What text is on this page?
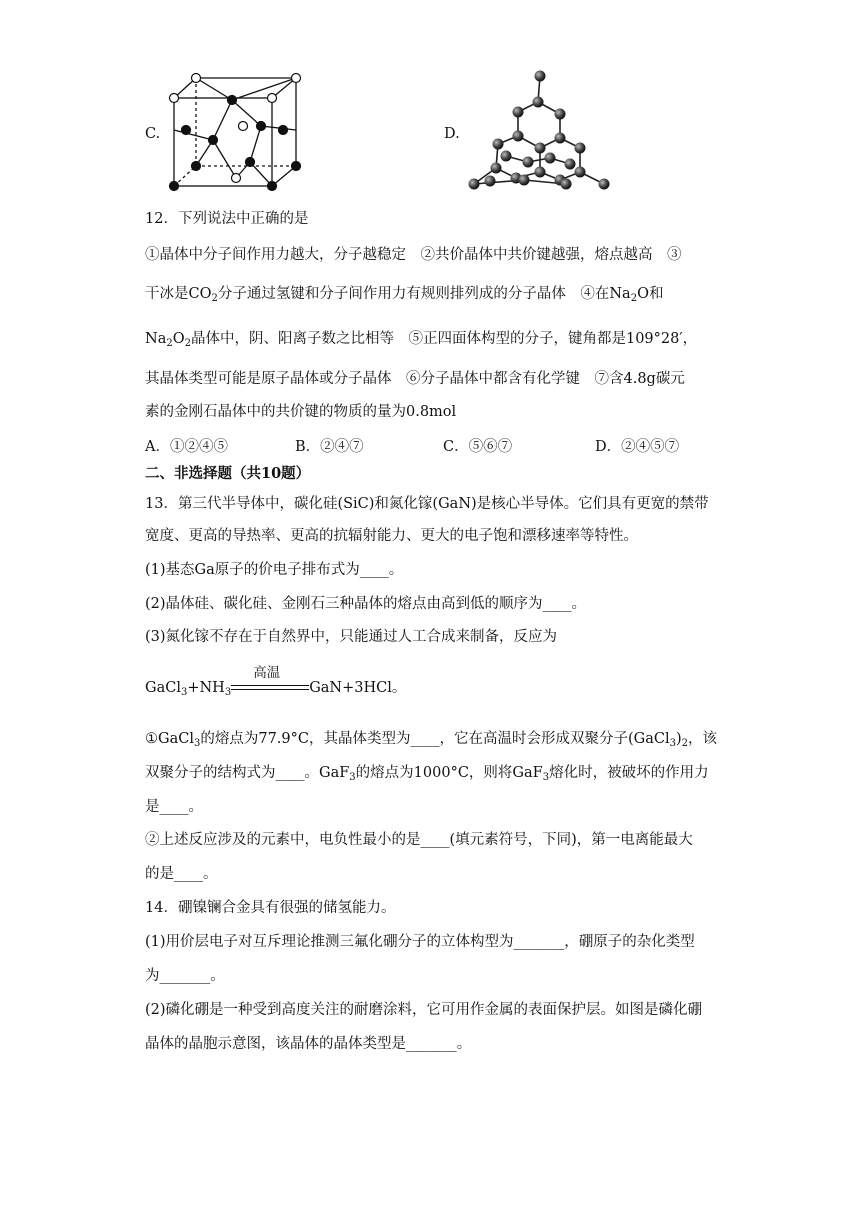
C.	D.
12．下列说法中正确的是
①晶体中分子间作用力越大，分子越稳定　②共价晶体中共价键越强，熔点越高　③
干冰是$CO_2$分子通过氢键和分子间作用力有规则排列成的分子晶体　④在$Na_2O$和
$Na_2O_2$晶体中，阴、阳离子数之比相等　⑤正四面体构型的分子，键角都是109°28′，
其晶体类型可能是原子晶体或分子晶体　⑥分子晶体中都含有化学键　⑦含4.8g碳元
素的金刚石晶体中的共价键的物质的量为0.8mol
A．①②④⑤	B．②④⑦	C．⑤⑥⑦	D．②④⑤⑦
二、非选择题（共10题）
13．第三代半导体中，碳化硅(SiC)和氮化镓(GaN)是核心半导体。它们具有更宽的禁带
宽度、更高的导热率、更高的抗辐射能力、更大的电子饱和漂移速率等特性。
(1)基态Ga原子的价电子排布式为____。
(2)晶体硅、碳化硅、金刚石三种晶体的熔点由高到低的顺序为____。
(3)氮化镓不存在于自然界中，只能通过人工合成来制备，反应为
$GaCl_3+NH_3$
高温
GaN+3HCl。
①GaCl$_3$的熔点为77.9°C，其晶体类型为____，它在高温时会形成双聚分子$(GaCl_3)_2$，该
双聚分子的结构式为____。GaF$_3$的熔点为1000°C，则将GaF$_3$熔化时，被破坏的作用力
是____。
②上述反应涉及的元素中，电负性最小的是____(填元素符号，下同)，第一电离能最大
的是____。
14．硼镍镧合金具有很强的储氢能力。
(1)用价层电子对互斥理论推测三氟化硼分子的立体构型为_______，硼原子的杂化类型
为_______。
(2)磷化硼是一种受到高度关注的耐磨涂料，它可用作金属的表面保护层。如图是磷化硼
晶体的晶胞示意图，该晶体的晶体类型是_______。
